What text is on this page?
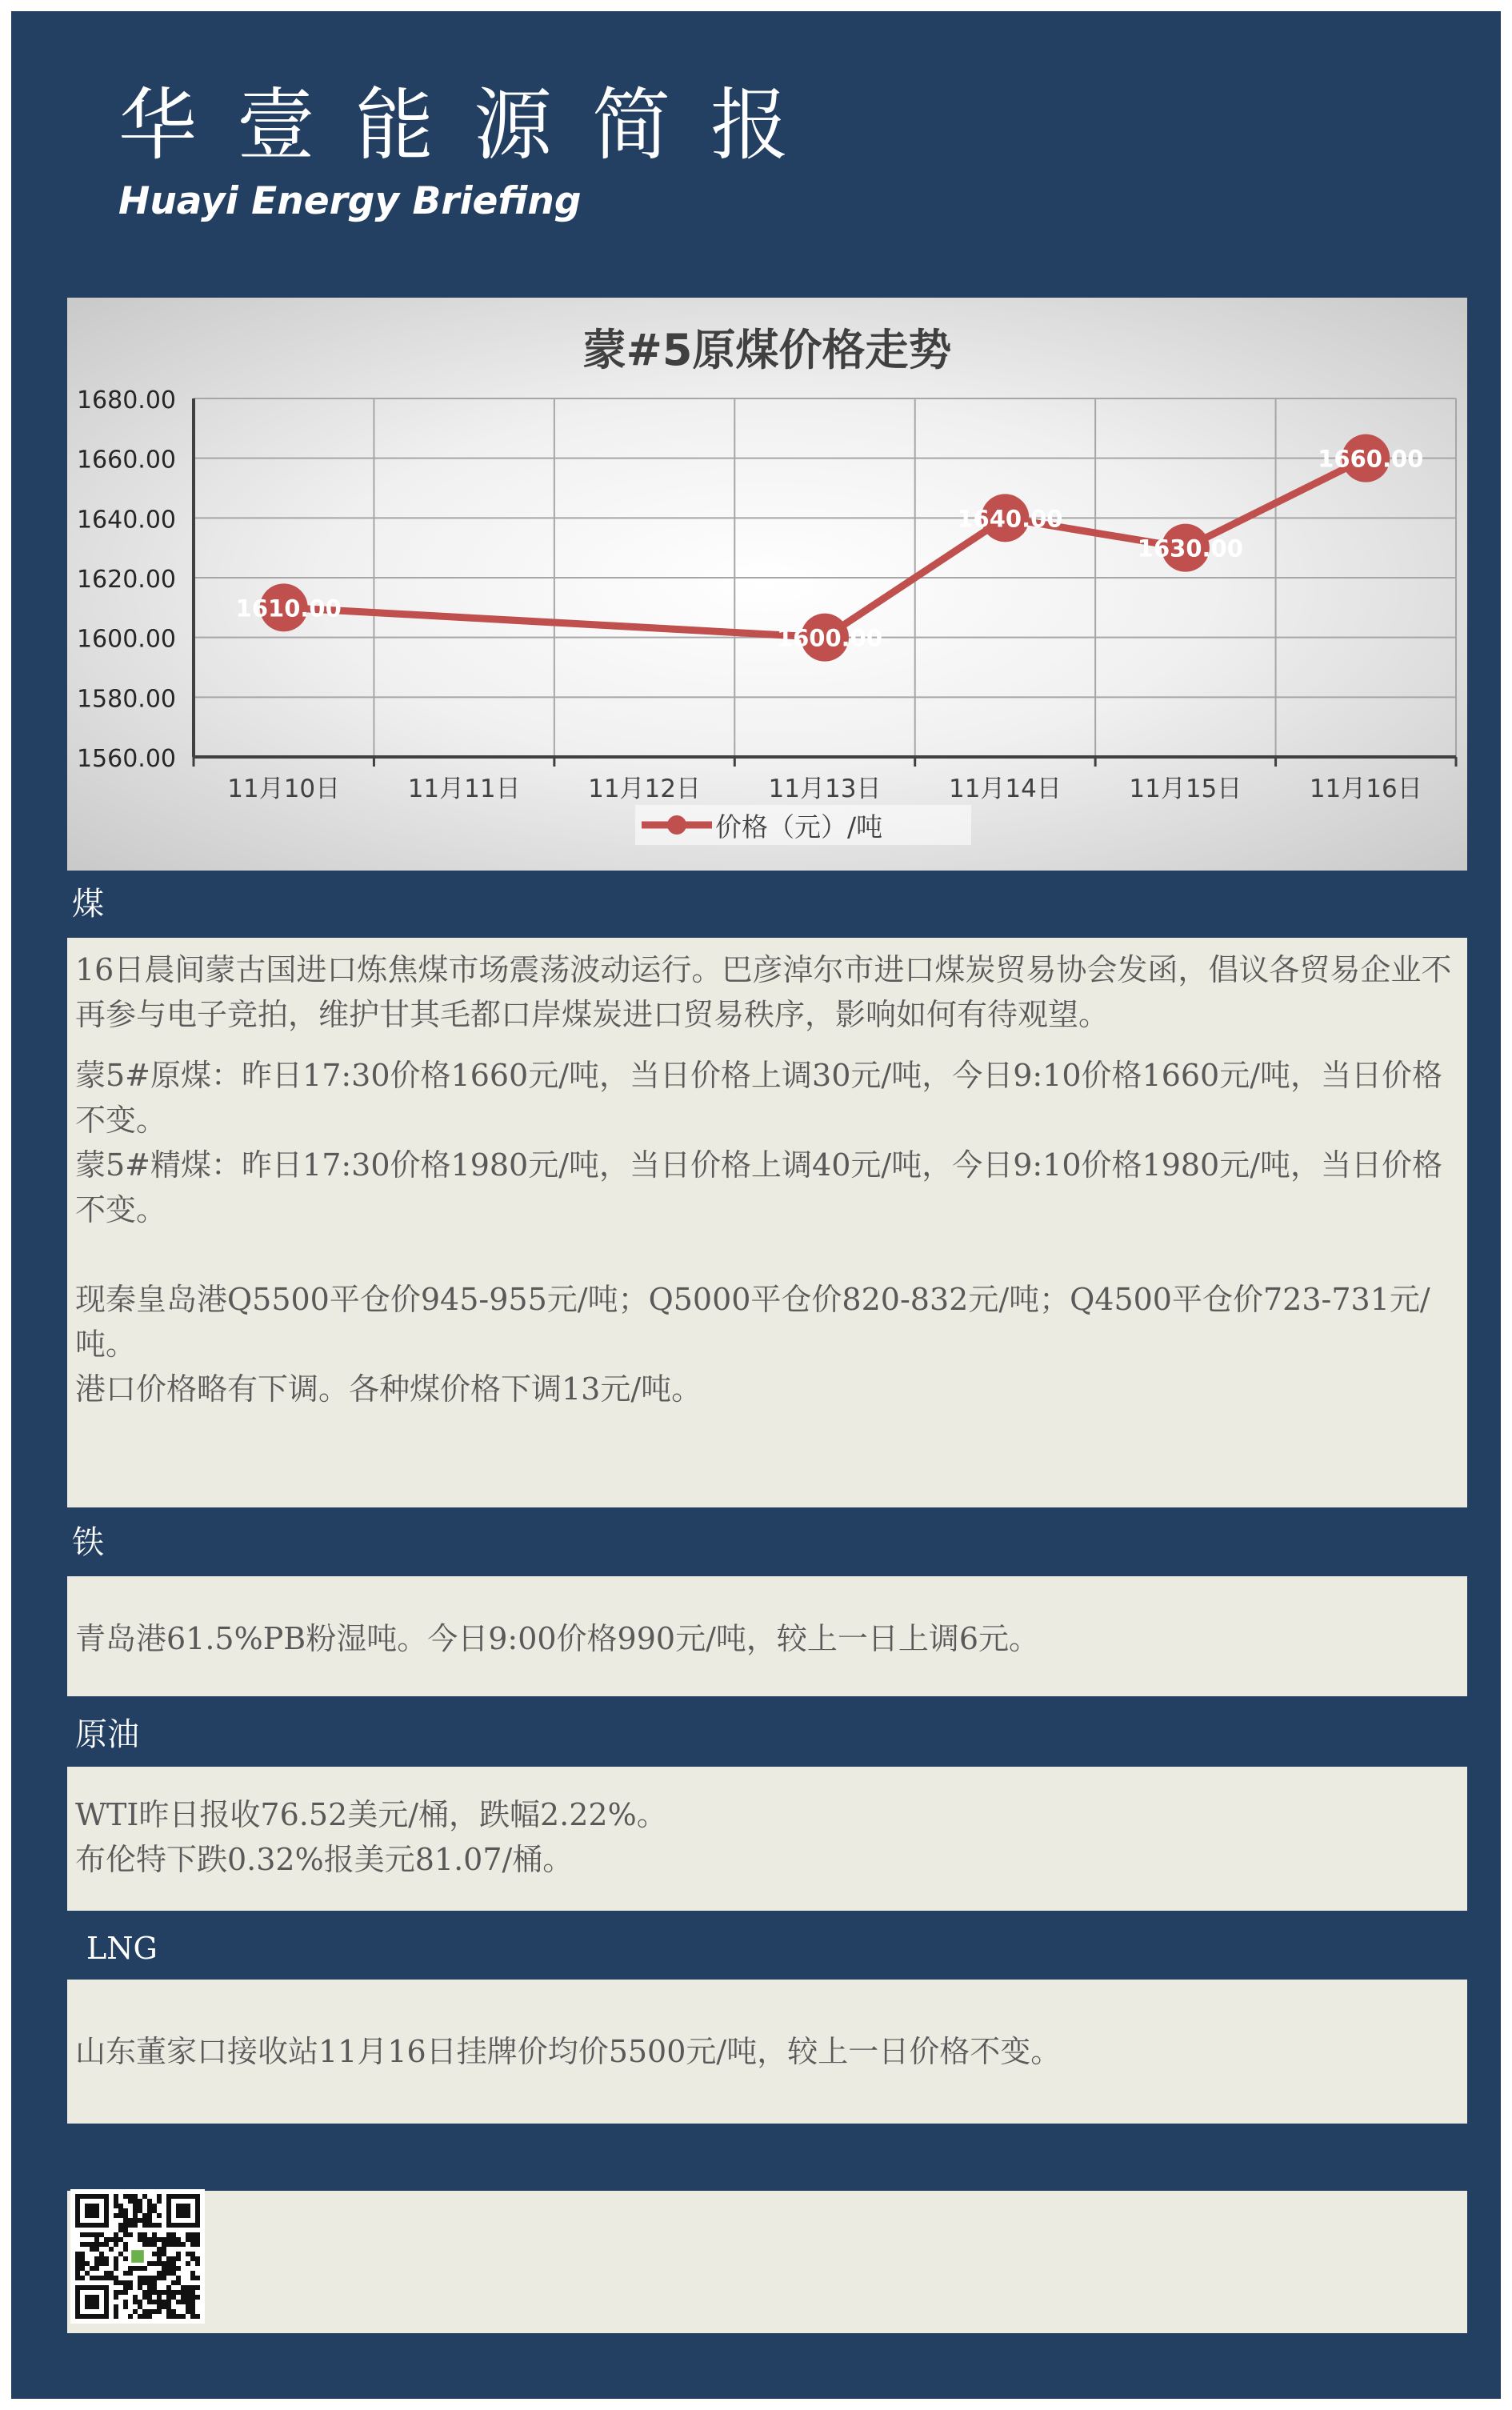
华壹能源简报
Huayi Energy Briefing
蒙#5原煤价格走势
1560.00
1580.00
1600.00
1620.00
1640.00
1660.00
1680.00
11月10日	11月11日	11月12日	11月13日	11月14日	11月15日	11月16日
1610.00
1600.00
1640.00
1630.00
1660.00
价格（元）/吨
煤

16日晨间蒙古国进口炼焦煤市场震荡波动运行。巴彦淖尔市进口煤炭贸易协会发函，倡议各贸易企业不再参与电子竞拍，维护甘其毛都口岸煤炭进口贸易秩序，影响如何有待观望。

蒙5#原煤：昨日17:30价格1660元/吨，当日价格上调30元/吨，今日9:10价格1660元/吨，当日价格不变。

蒙5#精煤：昨日17:30价格1980元/吨，当日价格上调40元/吨，今日9:10价格1980元/吨，当日价格不变。

现秦皇岛港Q5500平仓价945-955元/吨；Q5000平仓价820-832元/吨；Q4500平仓价723-731元/吨。

港口价格略有下调。各种煤价格下调13元/吨。

铁

青岛港61.5%PB粉湿吨。今日9:00价格990元/吨，较上一日上调6元。

原油

WTI昨日报收76.52美元/桶，跌幅2.22%。

布伦特下跌0.32%报美元81.07/桶。

LNG

山东董家口接收站11月16日挂牌价均价5500元/吨，较上一日价格不变。
